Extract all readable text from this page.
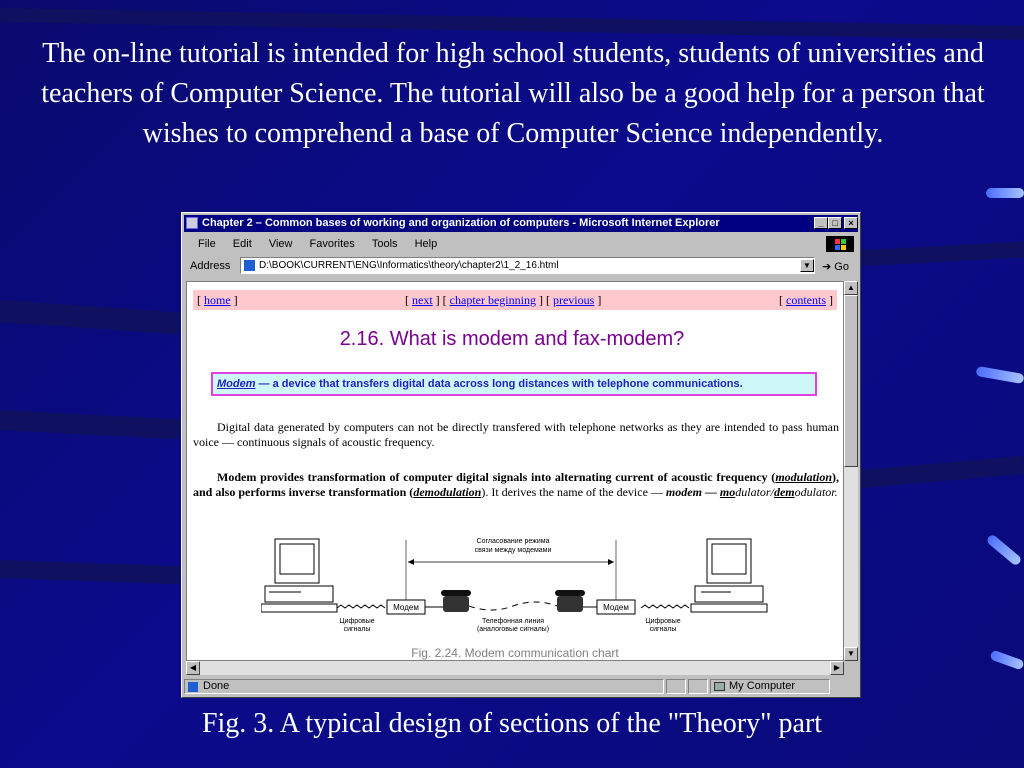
The on-line tutorial is intended for high school students, students of universities and teachers of Computer Science. The tutorial will also be a good help for a person that wishes to comprehend a base of Computer Science independently.
Chapter 2 – Common bases of working and organization of computers - Microsoft Internet Explorer	_ □	×
File Edit View Favorites Tools Help
Address	D:\BOOK\CURRENT\ENG\Informatics\theory\chapter2\1_2_16.html	▼ ➔ Go
[ home ]	[ next ] [ chapter beginning ] [ previous ]	[ contents ]
2.16. What is modem and fax-modem?
Modem — a device that transfers digital data across long distances with telephone communications.
Digital data generated by computers can not be directly transfered with telephone networks as they are intended to pass human voice — continuous signals of acoustic frequency.
Modem provides transformation of computer digital signals into alternating current of acoustic frequency (modulation), and also performs inverse transformation (demodulation). It derives the name of the device — modem — modulator/demodulator.
Модем	Модем
Согласование режима
связи между модемами
Цифровые
сигналы
Телефонная линия
(аналоговые сигналы)
Цифровые
сигналы
Fig. 2.24. Modem communication chart
▲
▼
◀	▶
Done	My Computer
Fig. 3. A typical design of sections of the "Theory" part
